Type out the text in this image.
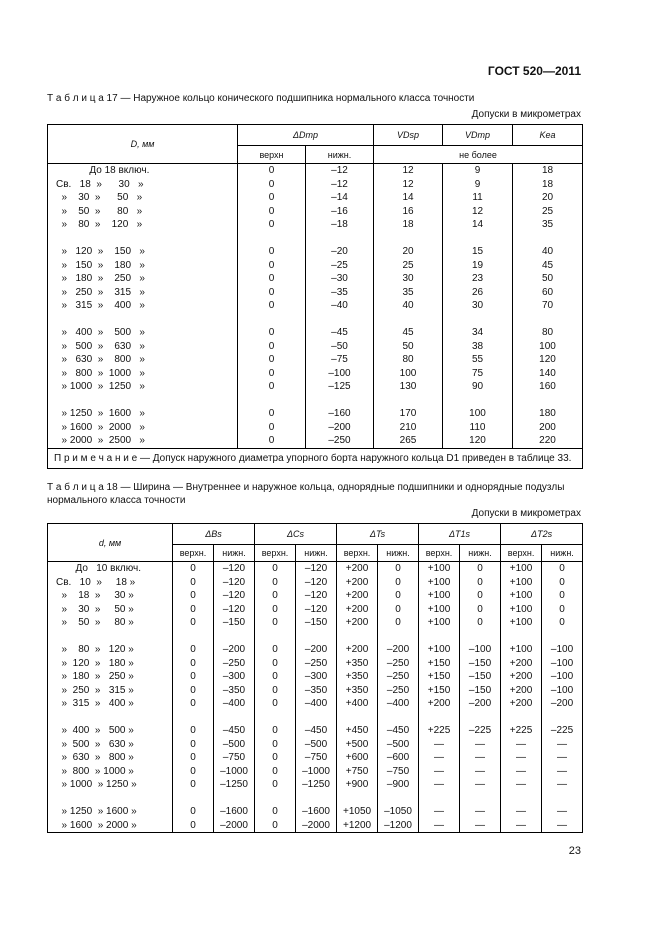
ГОСТ 520—2011
Т а б л и ц а 17 — Наружное кольцо конического подшипника нормального класса точности
Допуски в микрометрах
D, мм	ΔDmp		VDsp	VDmp	Kea
	верхн	нижн.	не более		
До 18 включ.	0	–12	12	9	18
Св.   18  »      30   »	0	–12	12	9	18
»    30  »      50   »	0	–14	14	11	20
»    50  »      80   »	0	–16	16	12	25
»    80  »    120   »	0	–18	18	14	35

»   120  »    150   »	0	–20	20	15	40
»   150  »    180   »	0	–25	25	19	45
»   180  »    250   »	0	–30	30	23	50
»   250  »    315   »	0	–35	35	26	60
»   315  »    400   »	0	–40	40	30	70

»   400  »    500   »	0	–45	45	34	80
»   500  »    630   »	0	–50	50	38	100
»   630  »    800   »	0	–75	80	55	120
»   800  »  1000   »	0	–100	100	75	140
» 1000  »  1250   »	0	–125	130	90	160

» 1250  »  1600   »	0	–160	170	100	180
» 1600  »  2000   »	0	–200	210	110	200
» 2000  »  2500   »	0	–250	265	120	220
П р и м е ч а н и е — Допуск наружного диаметра упорного борта наружного кольца D1 приведен в таблице 33.					
Т а б л и ц а 18 — Ширина — Внутреннее и наружное кольца, однорядные подшипники и однорядные подузлы нормального класса точности
Допуски в микрометрах
d, мм	ΔBs		ΔCs		ΔTs		ΔT1s		ΔT2s	
	верхн.	нижн.	верхн.	нижн.	верхн.	нижн.	верхн.	нижн.	верхн.	нижн.
До   10 включ.	0	–120	0	–120	+200	0	+100	0	+100	0
Св.   10  »     18 »	0	–120	0	–120	+200	0	+100	0	+100	0
»    18  »     30 »	0	–120	0	–120	+200	0	+100	0	+100	0
»    30  »     50 »	0	–120	0	–120	+200	0	+100	0	+100	0
»    50  »     80 »	0	–150	0	–150	+200	0	+100	0	+100	0

»    80  »   120 »	0	–200	0	–200	+200	–200	+100	–100	+100	–100
»  120  »   180 »	0	–250	0	–250	+350	–250	+150	–150	+200	–100
»  180  »   250 »	0	–300	0	–300	+350	–250	+150	–150	+200	–100
»  250  »   315 »	0	–350	0	–350	+350	–250	+150	–150	+200	–100
»  315  »   400 »	0	–400	0	–400	+400	–400	+200	–200	+200	–200

»  400  »   500 »	0	–450	0	–450	+450	–450	+225	–225	+225	–225
»  500  »   630 »	0	–500	0	–500	+500	–500	—	—	—	—
»  630  »   800 »	0	–750	0	–750	+600	–600	—	—	—	—
»  800  » 1000 »	0	–1000	0	–1000	+750	–750	—	—	—	—
» 1000  » 1250 »	0	–1250	0	–1250	+900	–900	—	—	—	—

» 1250  » 1600 »	0	–1600	0	–1600	+1050	–1050	—	—	—	—
» 1600  » 2000 »	0	–2000	0	–2000	+1200	–1200	—	—	—	—
23
